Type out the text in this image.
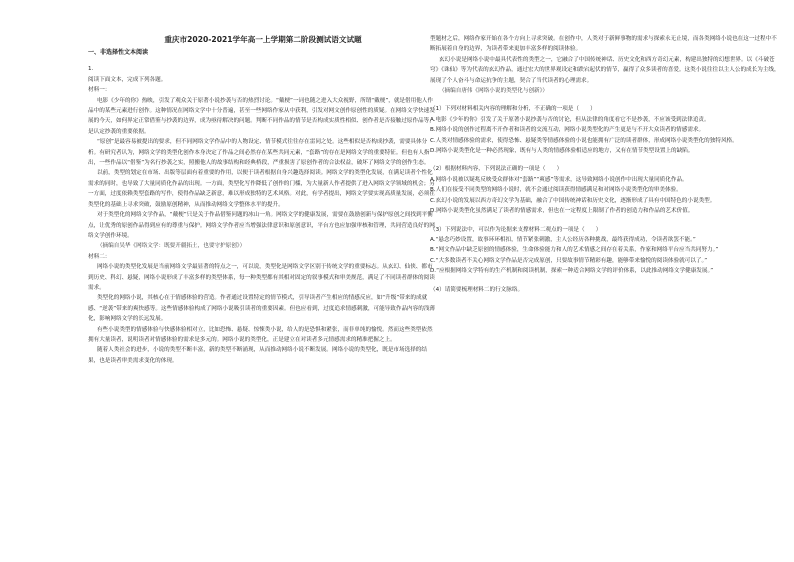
重庆市2020-2021学年高一上学期第二阶段测试语文试题
一、非选择性文本阅读

1.

阅读下面文本，完成下列各题。

材料一：

电影《少年的你》热映，引发了观众关于原著小说抄袭与否的热烈讨论。“戴梗”一词也随之进入大众视野，所谓“戴梗”，就是借用他人作品中的某些元素进行创作。这种情况在网络文学中十分普遍，甚至一些网络作家从中获利，引发对网文创作原创性的质疑。在网络文学快速发展的今天，如何界定正常借鉴与抄袭的边界，成为亟待解决的问题。判断不同作品的情节是否构成实质性相似、创作者是否接触过原作品等，是认定抄袭的重要依据。

“原创”是最容易被提出的要求，但不同网络文学作品中的人物设定、情节模式往往存在雷同之处。这些相似是否构成抄袭，需要具体分析。有研究者认为，网络文学的类型化创作本身决定了作品之间必然存在某些共同元素，“套路”的存在是网络文学的重要特征。但也有人指出，一些作品以“借鉴”为名行抄袭之实，照搬他人的故事结构和经典桥段，严重损害了原创作者的合法权益，破坏了网络文学的创作生态。

以前，类型的划定在市场、出版等层面有着重要的作用，以便于读者根据自身兴趣选择阅读。网络文学的类型化发展，在满足读者个性化需求的同时，也导致了大量同质化作品的出现。一方面，类型化写作降低了创作的门槛，为大量新人作者提供了进入网络文学领域的机会；另一方面，过度依赖类型套路的写作，使得作品缺乏新意，难以形成独特的艺术风格。对此，有学者提出，网络文学要实现高质量发展，必须在类型化的基础上寻求突破，鼓励原创精神，从而推动网络文学整体水平的提升。

对于类型化的网络文学作品，“戴梗”只是关于作品借鉴问题的冰山一角。网络文学的健康发展，需要在鼓励创新与保护原创之间找到平衡点，让优秀的原创作品得到应有的尊重与保护。网络文学作者应当增强法律意识和原创意识，平台方也应加强审核和管理，共同营造良好的网络文学创作环境。

（摘编自吴华《网络文学：既要开疆拓土，也要守护原创》）

材料二：

网络小说的类型化发展是当前网络文学最显著的特点之一，可以说，类型化是网络文学区别于传统文学的重要标志。从玄幻、仙侠、都市到历史、科幻、悬疑，网络小说形成了丰富多样的类型体系，每一种类型都有其相对固定的叙事模式和审美规范，满足了不同读者群体的阅读需求。

类型化的网络小说，其核心在于情感体验的营造。作者通过设置特定的情节模式，引导读者产生相应的情感反应，如“升级”带来的成就感、“逆袭”带来的爽快感等。这些情感体验构成了网络小说吸引读者的重要因素。但也应看到，过度追求情感刺激，可能导致作品内容的浅薄化，影响网络文学的长远发展。

有些小说类型的情感体验与快感体验相对立，比如恐怖、悬疑、惊悚类小说，给人的是恐惧和紧张，而非单纯的愉悦。然而这些类型依然拥有大量读者，说明读者对情感体验的需求是多元的。网络小说的类型化，正是建立在对读者多元情感需求的精准把握之上。

随着人类社会的进步，小说的类型不断丰富，新的类型不断涌现，从而推动网络小说不断发展。网络小说的类型化，既是市场选择的结果，也是读者审美需求变化的体现。

型题材之后，网络作家开始在各个方向上寻求突破。在创作中，人类对于新鲜事物的需求与探索永无止境，而各类网络小说也在这一过程中不断拓展着自身的边界，为读者带来更加丰富多样的阅读体验。

玄幻小说是网络小说中最具代表性的类型之一，它融合了中国传统神话、历史文化和西方奇幻元素，构建出独特的幻想世界。以《斗破苍穹》《诛仙》等为代表的玄幻作品，通过宏大的世界观设定和跌宕起伏的情节，赢得了众多读者的喜爱。这类小说往往以主人公的成长为主线，展现了个人奋斗与命运抗争的主题，契合了当代读者的心理需求。

（摘编自唐伟《网络小说的类型化与创新》）

（1）下列对材料相关内容的理解和分析，不正确的一项是（　　）

A.电影《少年的你》引发了关于原著小说抄袭与否的讨论，但从法律的角度看它不是抄袭，不应该受到法律追责。

B.网络小说的创作过程离不开作者和读者的交流互动，网络小说类型化的产生更是与不开大众读者的情感需求。

C.人类对情感体验的需求，使得恐怖、悬疑类等情感体验的小说也能拥有广泛的读者群体，形成网络小说类型化的独特风格。

D.网络小说类型化是一种必然现象，既有与人类的情感体验相适应的地方，又有在情节类型设置上的缺陷。

（2）根据材料内容，下列说法正确的一项是（　　）

A.网络小说被以疑兆反映受众群体对“套路”“爽感”等需求，这导致网络小说创作中出现大量同质化作品。

B.人们在接受不同类型的网络小说时，就不会通过阅读获得情感满足和对网络小说类型化的审美体验。

C.玄幻小说的发展以西方奇幻文学为基础，融合了中国传统神话和历史文化，逐渐形成了具有中国特色的小说类型。

D.网络小说类型化虽然满足了读者的情感需求，但也在一定程度上限制了作者的创造力和作品的艺术价值。

（3）下列说法中，可以作为论据来支撑材料二观点的一项是（　　）

A.“悬念巧妙设置，故事环环相扣，情节紧张刺激，主人公经历各种挑战，最终获得成功，令读者欲罢不能。”

B.“网文作品中缺乏原创的情感体验，生命体验能力和人的艺术情感之间存在着关系，作家和网络平台应当共同努力。”

C.“大多数读者不关心网络文学作品是否完成原创，只要故事情节精彩有趣，能够带来愉悦的阅读体验就可以了。”

D.“应根据网络文学特有的生产机制和阅读机制，探索一种适合网络文学的评价体系，以此推动网络文学健康发展。”

（4）请简要梳理材料二的行文脉络。
